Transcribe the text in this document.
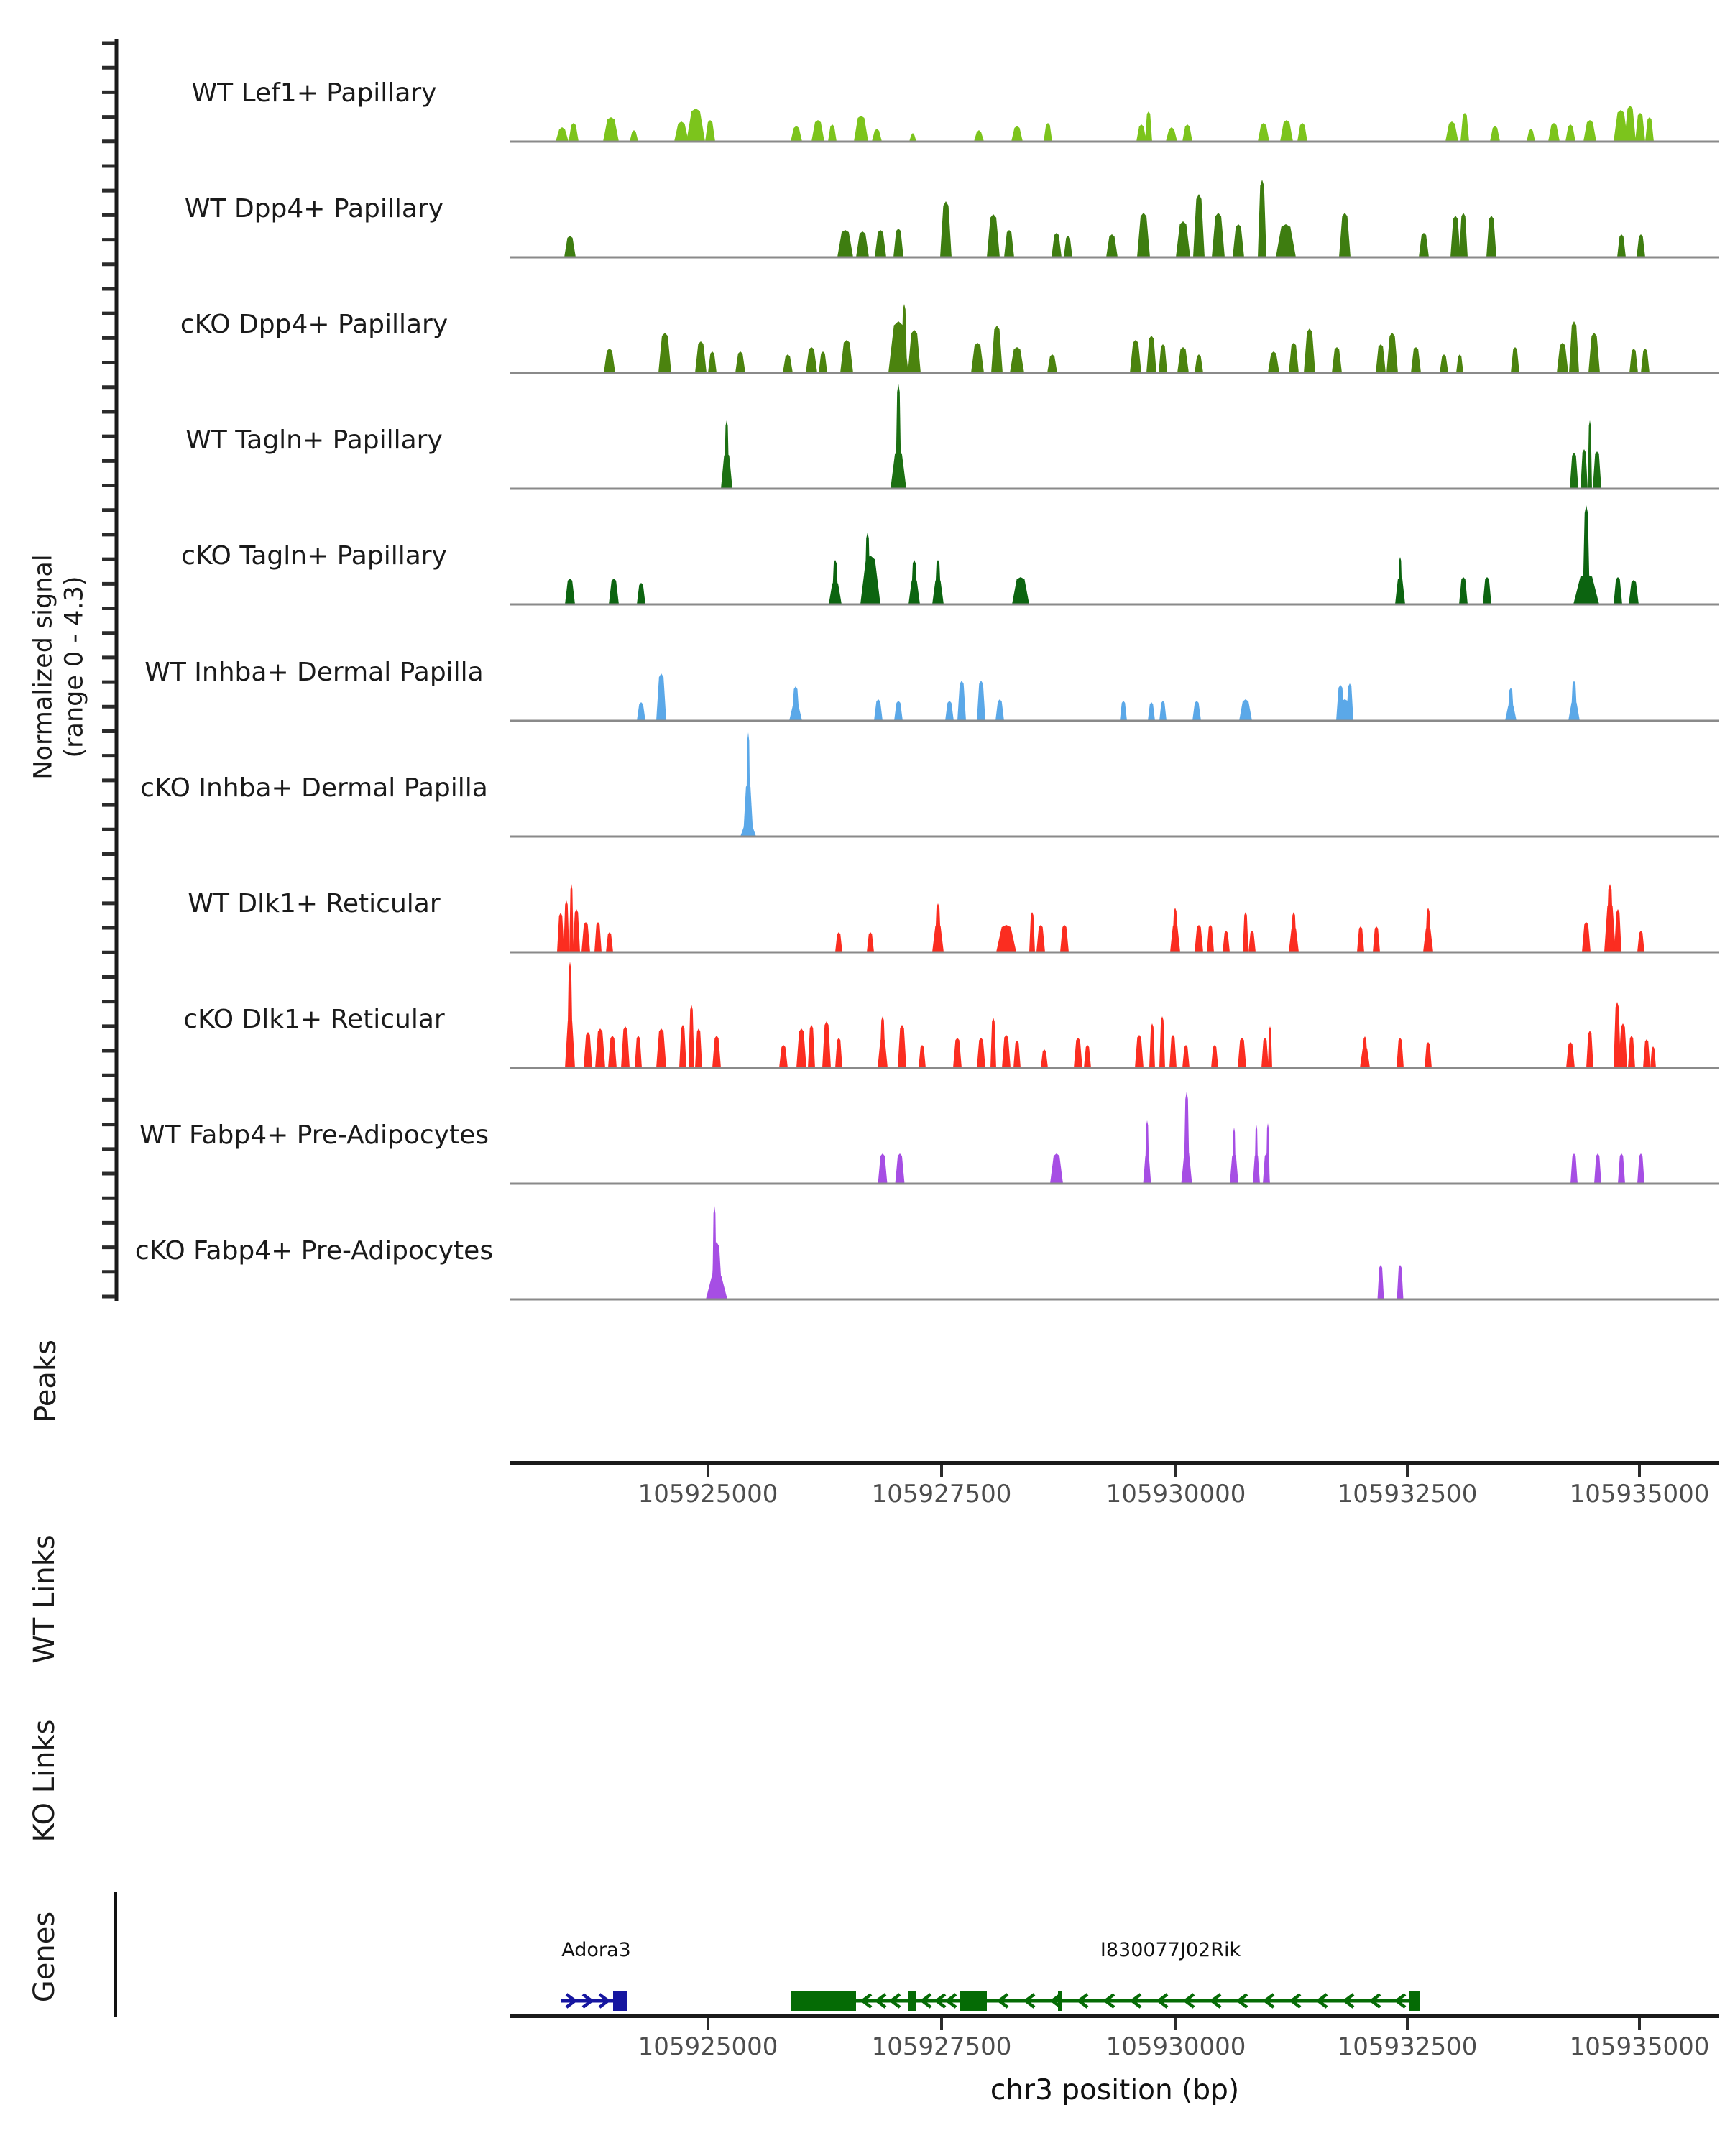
Normalized signal (range 0 - 4.3)
WT Lef1+ Papillary
WT Dpp4+ Papillary
cKO Dpp4+ Papillary
WT Tagln+ Papillary
cKO Tagln+ Papillary
WT Inhba+ Dermal Papilla
cKO Inhba+ Dermal Papilla
WT Dlk1+ Reticular
cKO Dlk1+ Reticular
WT Fabp4+ Pre-Adipocytes
cKO Fabp4+ Pre-Adipocytes
Peaks
105925000	105927500	105930000	105932500	105935000
WT Links
KO Links
Genes	Adora3	I830077J02Rik
105925000	105927500	105930000	105932500	105935000
chr3 position (bp)
